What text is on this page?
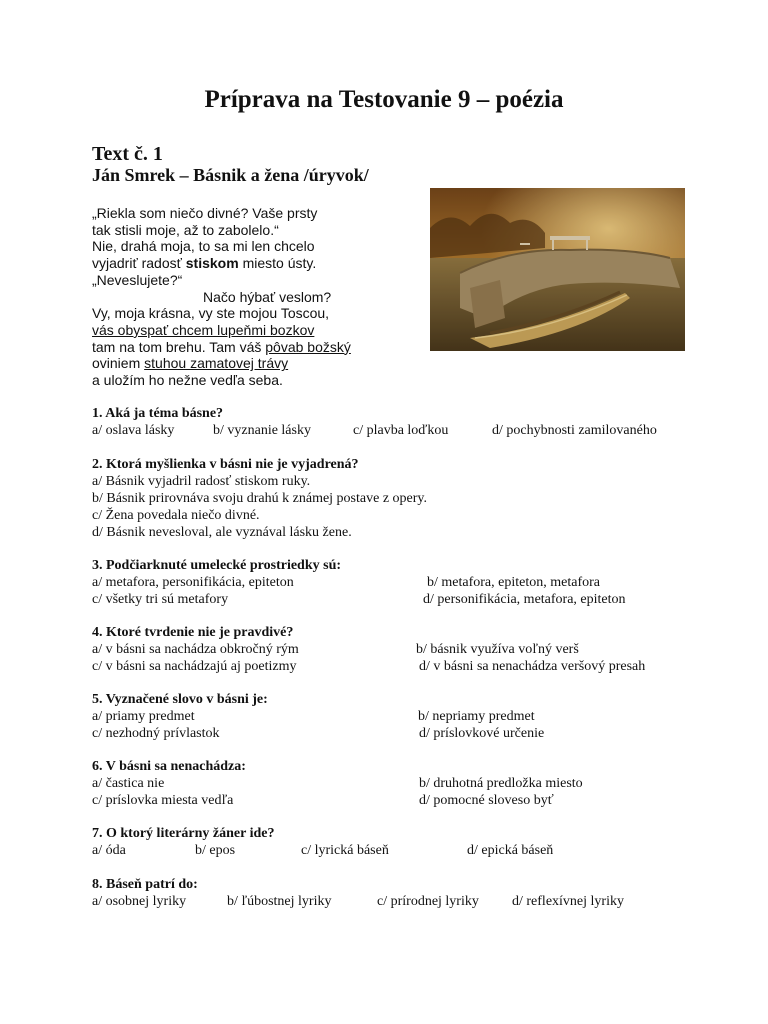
Príprava na Testovanie 9 – poézia
Text č. 1
Ján Smrek – Básnik a žena /úryvok/
„Riekla som niečo divné? Vaše prsty
tak stisli moje, až to zabolelo.“
Nie, drahá moja, to sa mi len chcelo
vyjadriť radosť stiskom miesto ústy.
„Neveslujete?“
Načo hýbať veslom?
Vy, moja krásna, vy ste mojou Toscou,
vás obyspať chcem lupeňmi bozkov
tam na tom brehu. Tam váš pôvab božský
oviniem stuhou zamatovej trávy
a uložím ho nežne vedľa seba.
1. Aká ja téma básne?
a/ oslava lásky	b/ vyznanie lásky	c/ plavba loďkou	d/ pochybnosti zamilovaného
2. Ktorá myšlienka v básni nie je vyjadrená?
a/ Básnik vyjadril radosť stiskom ruky.
b/ Básnik prirovnáva svoju drahú k známej postave z opery.
c/ Žena povedala niečo divné.
d/ Básnik nevesloval, ale vyznával lásku žene.
3. Podčiarknuté umelecké prostriedky sú:
a/ metafora, personifikácia, epiteton	b/ metafora, epiteton, metafora
c/ všetky tri sú metafory	d/ personifikácia, metafora, epiteton
4. Ktoré tvrdenie nie je pravdivé?
a/ v básni sa nachádza obkročný rým	b/ básnik využíva voľný verš
c/ v básni sa nachádzajú aj poetizmy	d/ v básni sa nenachádza veršový presah
5. Vyznačené slovo v básni je:
a/ priamy predmet	b/ nepriamy predmet
c/ nezhodný prívlastok	d/ príslovkové určenie
6. V básni sa nenachádza:
a/ častica nie	b/ druhotná predložka miesto
c/ príslovka miesta vedľa	d/ pomocné sloveso byť
7. O ktorý literárny žáner ide?
a/ óda	b/ epos	c/ lyrická báseň	d/ epická báseň
8. Báseň patrí do:
a/ osobnej lyriky	b/ ľúbostnej lyriky	c/ prírodnej lyriky d/ reflexívnej lyriky
